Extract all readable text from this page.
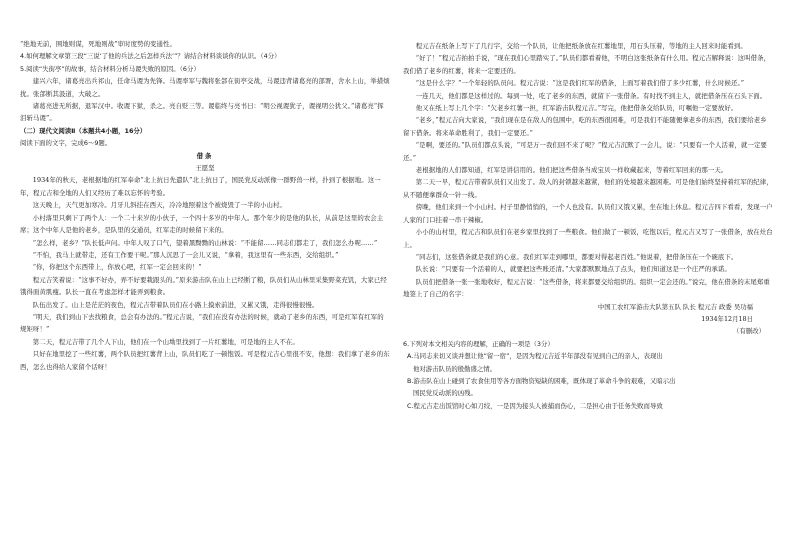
“绝地无前，围地则谋，死地则战”审时度势的变通性。

4.如何理解文章第三段“三说‘了他的兵法之后怎样兵法’”？请结合材料谈谈你的认识。（4分）

5.阅读“失街亭”的故事，结合材料分析马谡失败的原因。（6分）

建兴六年，诸葛亮出兵祁山，任命马谡为先锋。马谡率军与魏将张郃在街亭交战，马谡违背诸葛亮的部署，舍水上山，举措烦扰。张郃断其汲道，大破之。

诸葛亮进无所据，退军汉中。收谡下狱，杀之。亮自贬三等。谡临终与亮书曰：“明公视谡犹子，谡视明公犹父。”诸葛亮“挥泪斩马谡”。

（二）现代文阅读Ⅱ（本题共4小题，16分）

阅读下面的文字，完成6～9题。

借条

王愿坚

1934年的秋天，老根据地的红军奉命“北上抗日先遣队”北上抗日了，国民党反动派像一群野兽一样，扑到了根据地。这一年，程元吉和全地的人们又经历了难以忘怀的考验。

这天晚上，天气更加寒冷。月牙儿斜挂在西天，冷冷地照着这个被烧毁了一半的小山村。

小村落里只剩下了两个人：一个二十来岁的小伙子，一个四十多岁的中年人。那个年少的是他的队长，从前是这里的农会主席；这个中年人是他的老乡，是队里的交通员，红军走的时候留下来的。

“怎么样，老乡？”队长低声问。中年人叹了口气，望着黑黝黝的山林说：“不能留……同志们都走了，我们怎么办呢……”

“不怕，我马上就带走，还有工作要干呢。”那人沉思了一会儿又说，“拿着，我这里有一些东西，交给组织。”

“你，你把这个东西带上，你放心吧，红军一定会回来的！”

程元吉笑着说：“这事不好办，弄不好要栽跟头的。”原来游击队在山上已经断了粮，队员们从山林里采集野菜充饥，大家已经饿得面黄肌瘦。队长一直在考虑怎样才能弄到粮食。

队伍出发了。山上是茫茫的夜色，程元吉带着队员们在小路上摸索前进，又累又饿，走得很慢很慢。

“明天，我们到山下去找粮食，总会有办法的。”程元吉说，“我们在没有办法的时候，就动了老乡的东西，可是红军有红军的规矩呀！”

第二天，程元吉带了几个人下山，他们在一个山坳里找到了一片红薯地，可是地的主人不在。

只好在地里挖了一些红薯，两个队员把红薯背上山，队员们吃了一顿饱饭。可是程元吉心里很不安，他想：我们拿了老乡的东西，怎么也得给人家留个话呀！

程元吉在纸条上写下了几行字，交给一个队员，让他把纸条放在红薯地里，用石头压着，等地的主人回来时能看到。

“好了！”程元吉拍拍手说，“现在我们心里踏实了。”队员们都看着他，不明白这张纸条有什么用。程元吉解释说：这叫借条，我们借了老乡的红薯，将来一定要还的。

“这是什么字？”一个年轻的队员问。程元吉说：“这是我们红军的借条，上面写着我们借了多少红薯，什么时候还。”

一连几天，他们都是这样过的。每到一处，吃了老乡的东西，就留下一张借条。有时找不到主人，就把借条压在石头下面。

他又在纸上写上几个字：“欠老乡红薯一担，红军游击队程元吉。”写完，他把借条交给队员，叮嘱他一定要放好。

“老乡，”程元吉向大家说，“我们现在是在敌人的包围中，吃的东西很困难，可是我们不能随便拿老乡的东西，我们要给老乡留下借条。将来革命胜利了，我们一定要还。”

“是啊，要还的。”队员们都点头说，“可是万一我们回不来了呢？”程元吉沉默了一会儿，说：“只要有一个人活着，就一定要还。”

老根据地的人们都知道，红军是讲信用的。他们把这些借条当成宝贝一样收藏起来，等着红军回来的那一天。

第二天一早，程元吉带着队员们又出发了。敌人的封锁越来越紧，他们的处境越来越困难。可是他们始终坚持着红军的纪律，从不随便拿群众一针一线。

傍晚，他们来到一个小山村。村子里静悄悄的，一个人也没有。队员们又饿又累，坐在地上休息。程元吉四下看看，发现一户人家的门口挂着一串干辣椒。

小小的山村里，程元吉和队员们在老乡家里找到了一些粮食。他们做了一顿饭，吃饱以后，程元吉又写了一张借条，放在灶台上。

“同志们，这张借条就是我们的心意。我们红军走到哪里，都要对得起老百姓。”他说着，把借条压在一个碗底下。

队长说：“只要有一个活着的人，就要把这些账还清。”大家都默默地点了点头，他们知道这是一个庄严的承诺。

队员们把借条一张一张地收好，程元吉说：“这些借条，将来都要交给组织的。组织一定会还的。”说完，他在借条的末尾郑重地签上了自己的名字：

中国工农红军游击大队第五队 队长 程元吉 政委 吴功福

1934年12月18日

（有删改）

6.下列对本文相关内容的理解，正确的一项是（3分）

A.马同志来切又谈并想让他“留一宿”，是因为程元吉近半年部没有见到自己的亲人，表现出

他对游击队员的殷勤盛之情。

B.游击队在山上碰到了农食住用等各方面物资短缺的困难，既体现了革命斗争的艰难，又暗示出

国民党反动派的凶残。

C.程元吉走出饭馆时心如刀绞，一是因为接头人被捕而伤心，二是担心由于任务失败而导致
